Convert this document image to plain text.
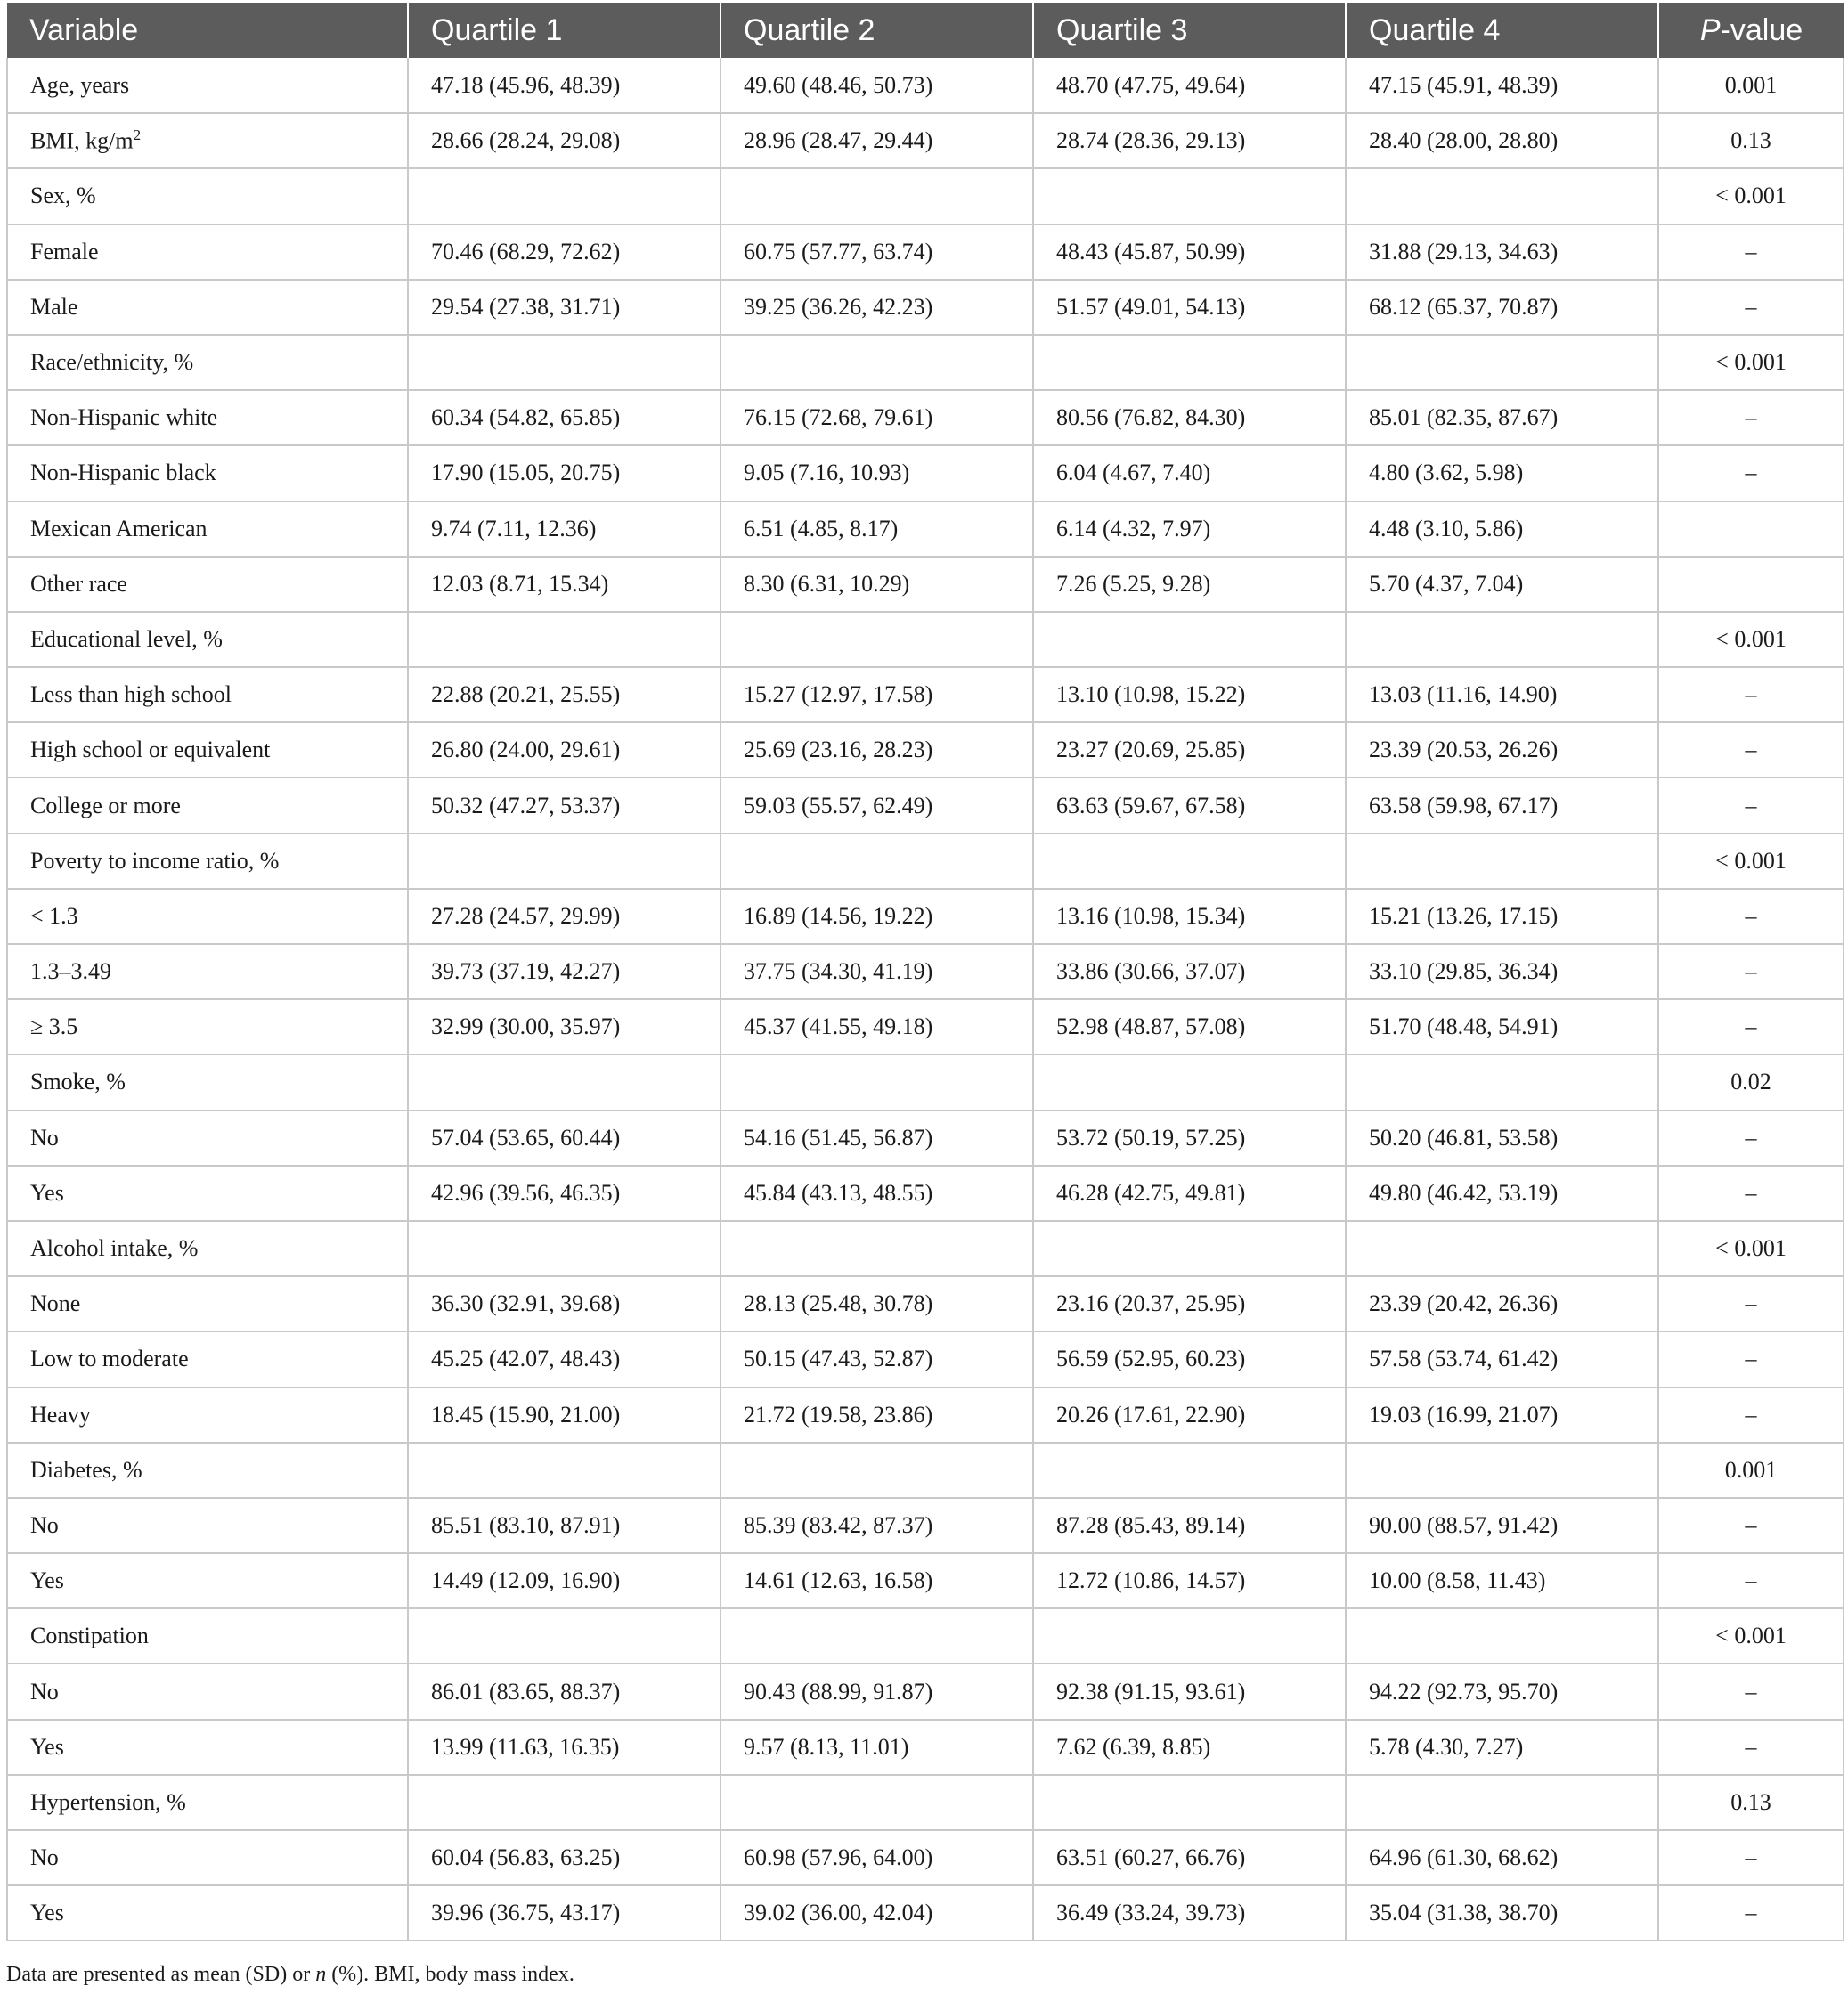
Variable	Quartile 1	Quartile 2	Quartile 3	Quartile 4	P-value
Age, years	47.18 (45.96, 48.39)	49.60 (48.46, 50.73)	48.70 (47.75, 49.64)	47.15 (45.91, 48.39)	0.001
BMI, $kg/m^2$	28.66 (28.24, 29.08)	28.96 (28.47, 29.44)	28.74 (28.36, 29.13)	28.40 (28.00, 28.80)	0.13
Sex, %					< 0.001
Female	70.46 (68.29, 72.62)	60.75 (57.77, 63.74)	48.43 (45.87, 50.99)	31.88 (29.13, 34.63)	–
Male	29.54 (27.38, 31.71)	39.25 (36.26, 42.23)	51.57 (49.01, 54.13)	68.12 (65.37, 70.87)	–
Race/ethnicity, %					< 0.001
Non-Hispanic white	60.34 (54.82, 65.85)	76.15 (72.68, 79.61)	80.56 (76.82, 84.30)	85.01 (82.35, 87.67)	–
Non-Hispanic black	17.90 (15.05, 20.75)	9.05 (7.16, 10.93)	6.04 (4.67, 7.40)	4.80 (3.62, 5.98)	–
Mexican American	9.74 (7.11, 12.36)	6.51 (4.85, 8.17)	6.14 (4.32, 7.97)	4.48 (3.10, 5.86)	
Other race	12.03 (8.71, 15.34)	8.30 (6.31, 10.29)	7.26 (5.25, 9.28)	5.70 (4.37, 7.04)	
Educational level, %					< 0.001
Less than high school	22.88 (20.21, 25.55)	15.27 (12.97, 17.58)	13.10 (10.98, 15.22)	13.03 (11.16, 14.90)	–
High school or equivalent	26.80 (24.00, 29.61)	25.69 (23.16, 28.23)	23.27 (20.69, 25.85)	23.39 (20.53, 26.26)	–
College or more	50.32 (47.27, 53.37)	59.03 (55.57, 62.49)	63.63 (59.67, 67.58)	63.58 (59.98, 67.17)	–
Poverty to income ratio, %					< 0.001
< 1.3	27.28 (24.57, 29.99)	16.89 (14.56, 19.22)	13.16 (10.98, 15.34)	15.21 (13.26, 17.15)	–
1.3–3.49	39.73 (37.19, 42.27)	37.75 (34.30, 41.19)	33.86 (30.66, 37.07)	33.10 (29.85, 36.34)	–
≥ 3.5	32.99 (30.00, 35.97)	45.37 (41.55, 49.18)	52.98 (48.87, 57.08)	51.70 (48.48, 54.91)	–
Smoke, %					0.02
No	57.04 (53.65, 60.44)	54.16 (51.45, 56.87)	53.72 (50.19, 57.25)	50.20 (46.81, 53.58)	–
Yes	42.96 (39.56, 46.35)	45.84 (43.13, 48.55)	46.28 (42.75, 49.81)	49.80 (46.42, 53.19)	–
Alcohol intake, %					< 0.001
None	36.30 (32.91, 39.68)	28.13 (25.48, 30.78)	23.16 (20.37, 25.95)	23.39 (20.42, 26.36)	–
Low to moderate	45.25 (42.07, 48.43)	50.15 (47.43, 52.87)	56.59 (52.95, 60.23)	57.58 (53.74, 61.42)	–
Heavy	18.45 (15.90, 21.00)	21.72 (19.58, 23.86)	20.26 (17.61, 22.90)	19.03 (16.99, 21.07)	–
Diabetes, %					0.001
No	85.51 (83.10, 87.91)	85.39 (83.42, 87.37)	87.28 (85.43, 89.14)	90.00 (88.57, 91.42)	–
Yes	14.49 (12.09, 16.90)	14.61 (12.63, 16.58)	12.72 (10.86, 14.57)	10.00 (8.58, 11.43)	–
Constipation					< 0.001
No	86.01 (83.65, 88.37)	90.43 (88.99, 91.87)	92.38 (91.15, 93.61)	94.22 (92.73, 95.70)	–
Yes	13.99 (11.63, 16.35)	9.57 (8.13, 11.01)	7.62 (6.39, 8.85)	5.78 (4.30, 7.27)	–
Hypertension, %					0.13
No	60.04 (56.83, 63.25)	60.98 (57.96, 64.00)	63.51 (60.27, 66.76)	64.96 (61.30, 68.62)	–
Yes	39.96 (36.75, 43.17)	39.02 (36.00, 42.04)	36.49 (33.24, 39.73)	35.04 (31.38, 38.70)	–
Data are presented as mean (SD) or n (%). BMI, body mass index.
